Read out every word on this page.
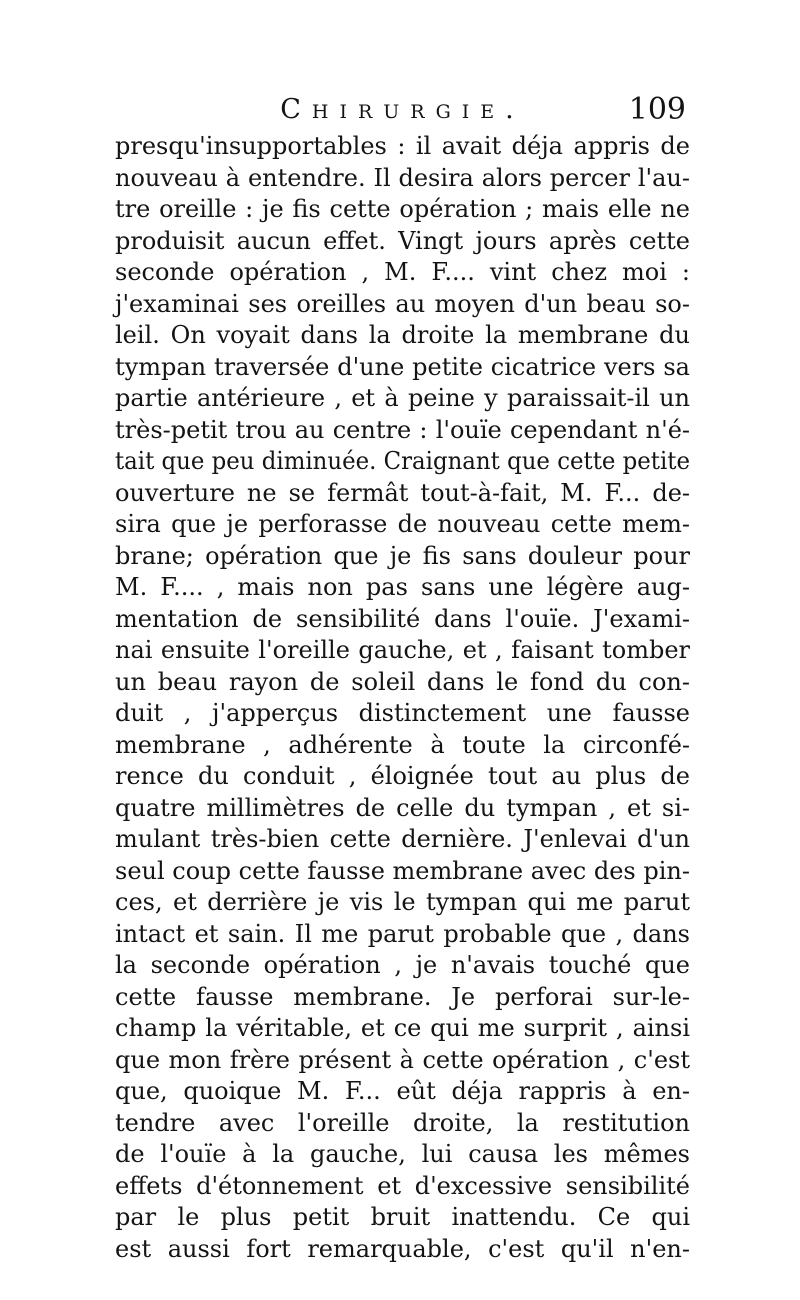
Chirurgie.	109
presqu'insupportables : il avait déja appris de
nouveau à entendre. Il desira alors percer l'au-
tre oreille : je fis cette opération ; mais elle ne
produisit aucun effet. Vingt jours après cette
seconde opération , M. F.... vint chez moi :
j'examinai ses oreilles au moyen d'un beau so-
leil. On voyait dans la droite la membrane du
tympan traversée d'une petite cicatrice vers sa
partie antérieure , et à peine y paraissait-il un
très-petit trou au centre : l'ouïe cependant n'é-
tait que peu diminuée. Craignant que cette petite
ouverture ne se fermât tout-à-fait, M. F... de-
sira que je perforasse de nouveau cette mem-
brane; opération que je fis sans douleur pour
M. F.... , mais non pas sans une légère aug-
mentation de sensibilité dans l'ouïe. J'exami-
nai ensuite l'oreille gauche, et , faisant tomber
un beau rayon de soleil dans le fond du con-
duit , j'apperçus distinctement une fausse
membrane , adhérente à toute la circonfé-
rence du conduit , éloignée tout au plus de
quatre millimètres de celle du tympan , et si-
mulant très-bien cette dernière. J'enlevai d'un
seul coup cette fausse membrane avec des pin-
ces, et derrière je vis le tympan qui me parut
intact et sain. Il me parut probable que , dans
la seconde opération , je n'avais touché que
cette fausse membrane. Je perforai sur-le-
champ la véritable, et ce qui me surprit , ainsi
que mon frère présent à cette opération , c'est
que, quoique M. F... eût déja rappris à en-
tendre avec l'oreille droite, la restitution
de l'ouïe à la gauche, lui causa les mêmes
effets d'étonnement et d'excessive sensibilité
par le plus petit bruit inattendu. Ce qui
est aussi fort remarquable, c'est qu'il n'en-
